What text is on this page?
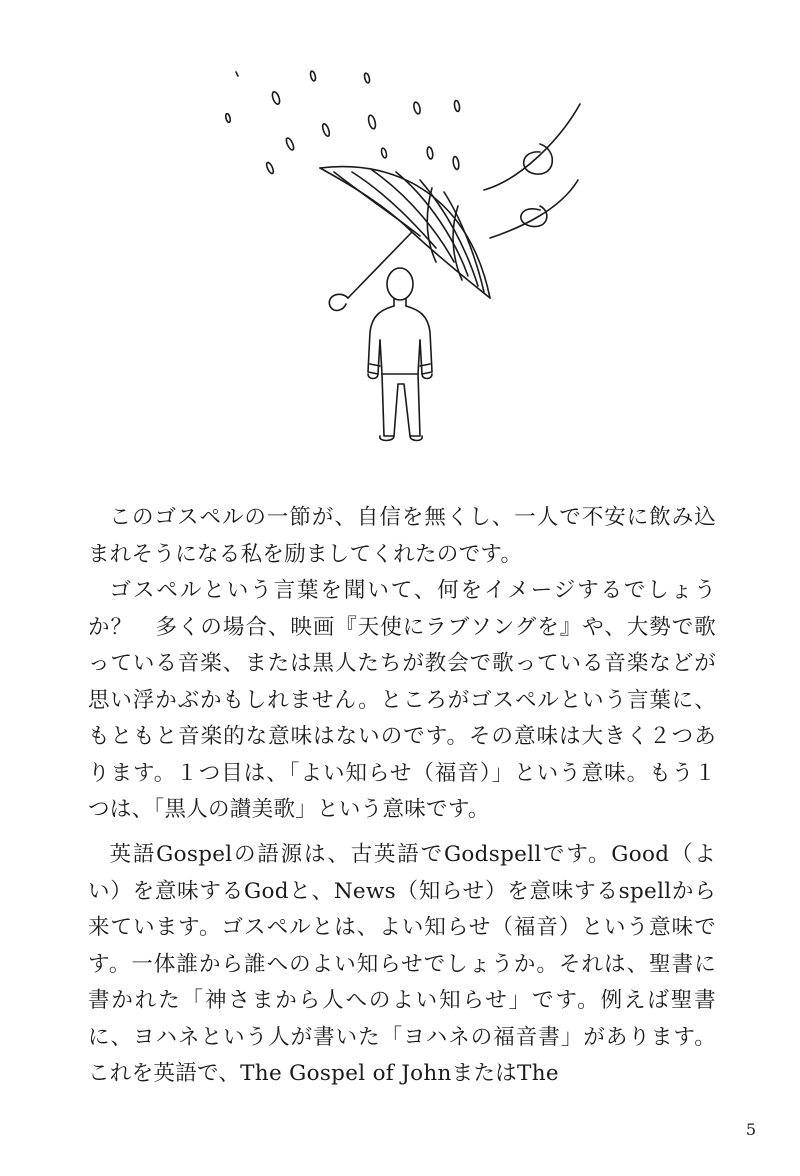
このゴスペルの一節が、自信を無くし、一人で不安に飲み込まれそうになる私を励ましてくれたのです。

ゴスペルという言葉を聞いて、何をイメージするでしょうか？　多くの場合、映画『天使にラブソングを』や、大勢で歌っている音楽、または黒人たちが教会で歌っている音楽などが思い浮かぶかもしれません。ところがゴスペルという言葉に、もともと音楽的な意味はないのです。その意味は大きく２つあります。１つ目は、「よい知らせ（福音）」という意味。もう１つは、「黒人の讃美歌」という意味です。

英語Gospelの語源は、古英語でGodspellです。Good（よい）を意味するGodと、News（知らせ）を意味するspellから来ています。ゴスペルとは、よい知らせ（福音）という意味です。一体誰から誰へのよい知らせでしょうか。それは、聖書に書かれた「神さまから人へのよい知らせ」です。例えば聖書に、ヨハネという人が書いた「ヨハネの福音書」があります。これを英語で、The Gospel of JohnまたはThe

5
